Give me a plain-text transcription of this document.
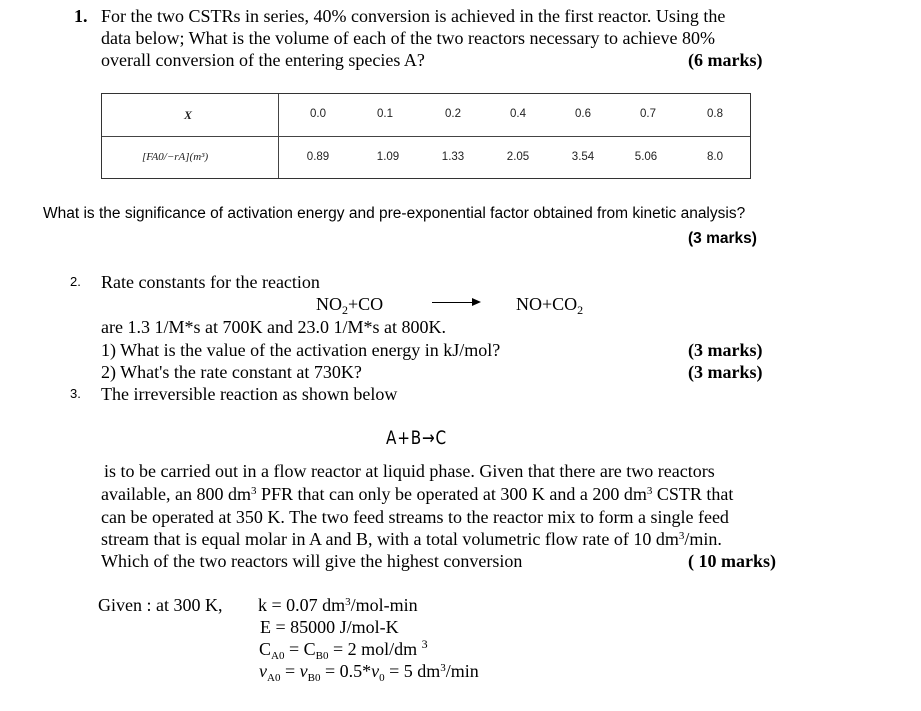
1. For the two CSTRs in series, 40% conversion is achieved in the first reactor. Using the
data below; What is the volume of each of the two reactors necessary to achieve 80%
overall conversion of the entering species A?	(6 marks)
X	0.0	0.1	0.2	0.4	0.6	0.7	0.8
[FA0/−rA](m³)	0.89	1.09	1.33	2.05	3.54	5.06	8.0
What is the significance of activation energy and pre-exponential factor obtained from kinetic analysis?
(3 marks)
2. Rate constants for the reaction
$NO_2+CO$	$NO+CO_2$
are 1.3 1/M*s at 700K and 23.0 1/M*s at 800K.
1) What is the value of the activation energy in kJ/mol?	(3 marks)
2) What's the rate constant at 730K?	(3 marks)
3. The irreversible reaction as shown below
A+B→C
is to be carried out in a flow reactor at liquid phase. Given that there are two reactors
available, an 800 $dm^3$ PFR that can only be operated at 300 K and a 200 $dm^3$ CSTR that
can be operated at 350 K. The two feed streams to the reactor mix to form a single feed
stream that is equal molar in A and B, with a total volumetric flow rate of 10 $dm^3/\min$.
Which of the two reactors will give the highest conversion	( 10 marks)
Given : at 300 K, k = 0.07 $dm^3/mol-\min$
E = 85000 J/mol-K
$C_{A0} = C_{B0} = 2$ mol/dm $^3$
$v_{A0} = v_{B0} = 0.5*v_0 = 5$ $dm^3/\min$
